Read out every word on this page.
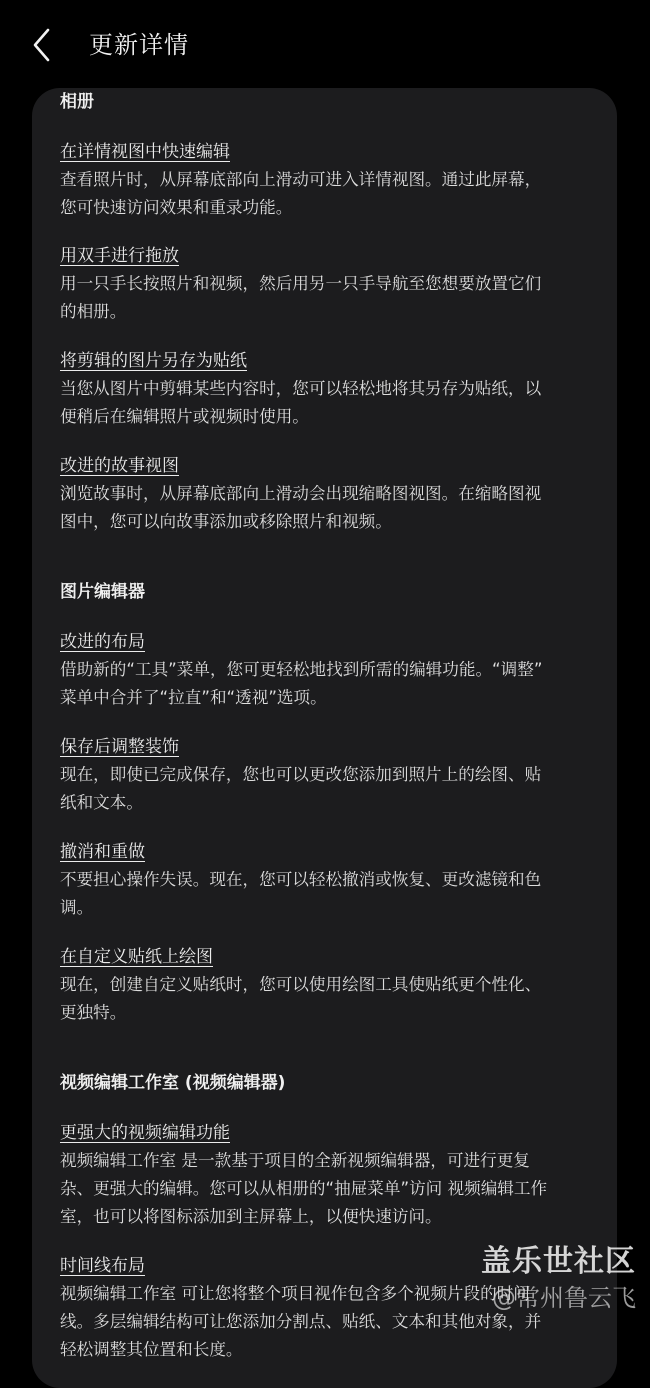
更新详情

相册

在详情视图中快速编辑

查看照片时，从屏幕底部向上滑动可进入详情视图。通过此屏幕，

您可快速访问效果和重录功能。

用双手进行拖放

用一只手长按照片和视频，然后用另一只手导航至您想要放置它们

的相册。

将剪辑的图片另存为贴纸

当您从图片中剪辑某些内容时，您可以轻松地将其另存为贴纸，以

便稍后在编辑照片或视频时使用。

改进的故事视图

浏览故事时，从屏幕底部向上滑动会出现缩略图视图。在缩略图视

图中，您可以向故事添加或移除照片和视频。

图片编辑器

改进的布局

借助新的“工具”菜单，您可更轻松地找到所需的编辑功能。“调整”

菜单中合并了“拉直”和“透视”选项。

保存后调整装饰

现在，即使已完成保存，您也可以更改您添加到照片上的绘图、贴

纸和文本。

撤消和重做

不要担心操作失误。现在，您可以轻松撤消或恢复、更改滤镜和色

调。

在自定义贴纸上绘图

现在，创建自定义贴纸时，您可以使用绘图工具使贴纸更个性化、

更独特。

视频编辑工作室 (视频编辑器)

更强大的视频编辑功能

视频编辑工作室 是一款基于项目的全新视频编辑器，可进行更复

杂、更强大的编辑。您可以从相册的“抽屉菜单”访问 视频编辑工作

室，也可以将图标添加到主屏幕上，以便快速访问。

时间线布局

视频编辑工作室 可让您将整个项目视作包含多个视频片段的时间

线。多层编辑结构可让您添加分割点、贴纸、文本和其他对象，并

轻松调整其位置和长度。

盖乐世社区
@常州鲁云飞
